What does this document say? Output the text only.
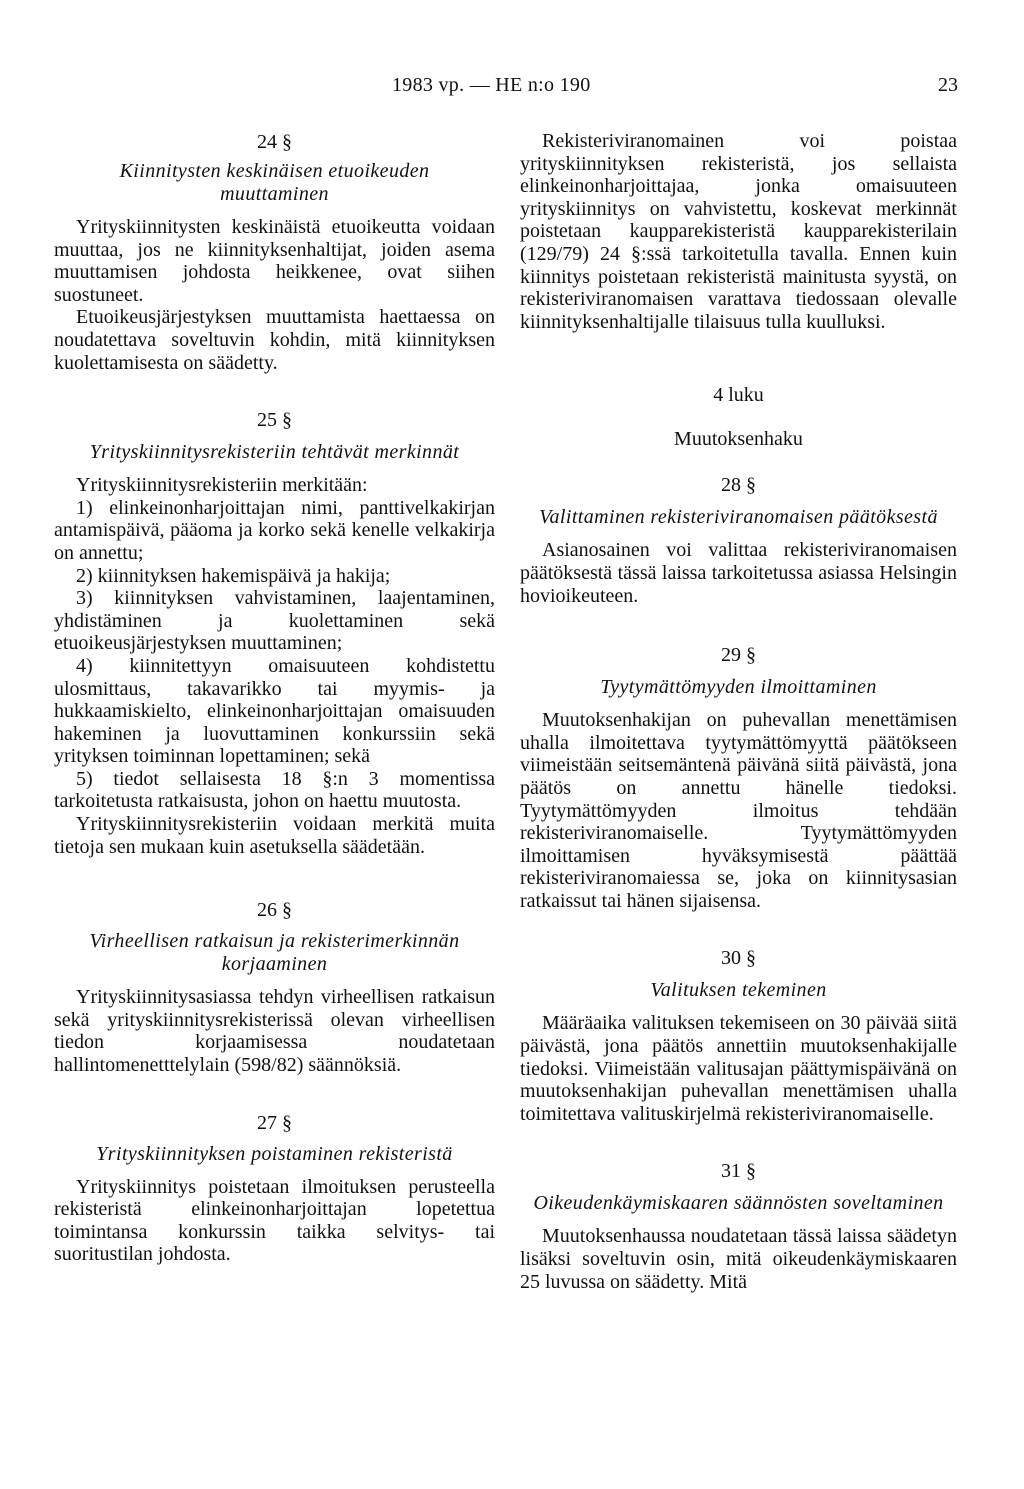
1983 vp. — HE n:o 190	23

24 §

Kiinnitysten keskinäisen etuoikeuden muuttaminen

Yrityskiinnitysten keskinäistä etuoikeutta voidaan muuttaa, jos ne kiinnityksenhaltijat, joiden asema muuttamisen johdosta heikkenee, ovat siihen suostuneet.

Etuoikeusjärjestyksen muuttamista haettaessa on noudatettava soveltuvin kohdin, mitä kiinnityksen kuolettamisesta on säädetty.

25 §

Yrityskiinnitysrekisteriin tehtävät merkinnät

Yrityskiinnitysrekisteriin merkitään:

1) elinkeinonharjoittajan nimi, panttivelkakirjan antamispäivä, pääoma ja korko sekä kenelle velkakirja on annettu;

2) kiinnityksen hakemispäivä ja hakija;

3) kiinnityksen vahvistaminen, laajentaminen, yhdistäminen ja kuolettaminen sekä etuoikeusjärjestyksen muuttaminen;

4) kiinnitettyyn omaisuuteen kohdistettu ulosmittaus, takavarikko tai myymis- ja hukkaamiskielto, elinkeinonharjoittajan omaisuuden hakeminen ja luovuttaminen konkurssiin sekä yrityksen toiminnan lopettaminen; sekä

5) tiedot sellaisesta 18 §:n 3 momentissa tarkoitetusta ratkaisusta, johon on haettu muutosta.

Yrityskiinnitysrekisteriin voidaan merkitä muita tietoja sen mukaan kuin asetuksella säädetään.

26 §

Virheellisen ratkaisun ja rekisterimerkinnän korjaaminen

Yrityskiinnitysasiassa tehdyn virheellisen ratkaisun sekä yrityskiinnitysrekisterissä olevan virheellisen tiedon korjaamisessa noudatetaan hallintomenetttelylain (598/82) säännöksiä.

27 §

Yrityskiinnityksen poistaminen rekisteristä

Yrityskiinnitys poistetaan ilmoituksen perusteella rekisteristä elinkeinonharjoittajan lopetettua toimintansa konkurssin taikka selvitys- tai suoritustilan johdosta.

Rekisteriviranomainen voi poistaa yrityskiinnityksen rekisteristä, jos sellaista elinkeinonharjoittajaa, jonka omaisuuteen yrityskiinnitys on vahvistettu, koskevat merkinnät poistetaan kaupparekisteristä kaupparekisterilain (129/79) 24 §:ssä tarkoitetulla tavalla. Ennen kuin kiinnitys poistetaan rekisteristä mainitusta syystä, on rekisteriviranomaisen varattava tiedossaan olevalle kiinnityksenhaltijalle tilaisuus tulla kuulluksi.

4 luku

Muutoksenhaku

28 §

Valittaminen rekisteriviranomaisen päätöksestä

Asianosainen voi valittaa rekisteriviranomaisen päätöksestä tässä laissa tarkoitetussa asiassa Helsingin hovioikeuteen.

29 §

Tyytymättömyyden ilmoittaminen

Muutoksenhakijan on puhevallan menettämisen uhalla ilmoitettava tyytymättömyyttä päätökseen viimeistään seitsemäntenä päivänä siitä päivästä, jona päätös on annettu hänelle tiedoksi. Tyytymättömyyden ilmoitus tehdään rekisteriviranomaiselle. Tyytymättömyyden ilmoittamisen hyväksymisestä päättää rekisteriviranomaiessa se, joka on kiinnitysasian ratkaissut tai hänen sijaisensa.

30 §

Valituksen tekeminen

Määräaika valituksen tekemiseen on 30 päivää siitä päivästä, jona päätös annettiin muutoksenhakijalle tiedoksi. Viimeistään valitusajan päättymispäivänä on muutoksenhakijan puhevallan menettämisen uhalla toimitettava valituskirjelmä rekisteriviranomaiselle.

31 §

Oikeudenkäymiskaaren säännösten soveltaminen

Muutoksenhaussa noudatetaan tässä laissa säädetyn lisäksi soveltuvin osin, mitä oikeudenkäymiskaaren 25 luvussa on säädetty. Mitä
